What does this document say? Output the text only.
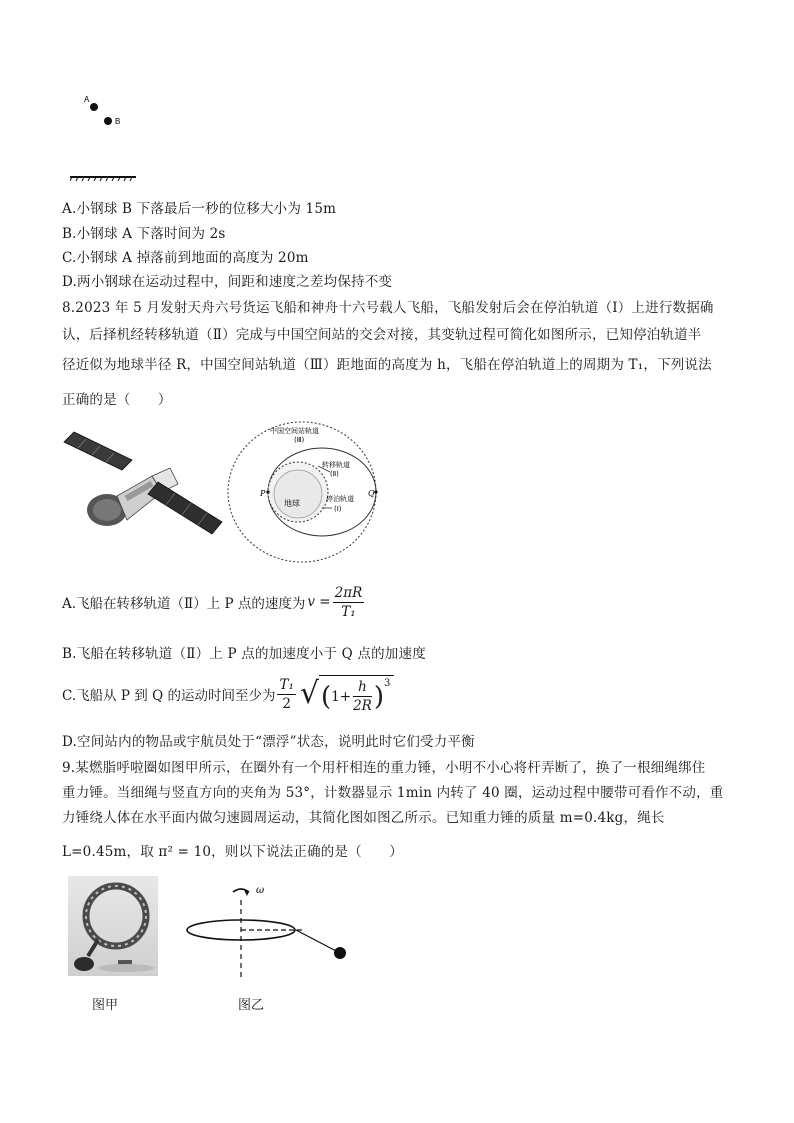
A
B
A.小钢球 B 下落最后一秒的位移大小为 15m
B.小钢球 A 下落时间为 2s
C.小钢球 A 掉落前到地面的高度为 20m
D.两小钢球在运动过程中，间距和速度之差均保持不变
8.2023 年 5 月发射天舟六号货运飞船和神舟十六号载人飞船，飞船发射后会在停泊轨道（Ⅰ）上进行数据确
认，后择机经转移轨道（Ⅱ）完成与中国空间站的交会对接，其变轨过程可简化如图所示，已知停泊轨道半
径近似为地球半径 R，中国空间站轨道（Ⅲ）距地面的高度为 h，飞船在停泊轨道上的周期为 T₁，下列说法
正确的是（　　）
地球
中国空间站轨道
(Ⅲ)
转移轨道
(Ⅱ)
停泊轨道
(Ⅰ)
P	Q
A.飞船在转移轨道（Ⅱ）上 P 点的速度为 $v = \frac{2\pi R}{\text{T₁}}$
B.飞船在转移轨道（Ⅱ）上 P 点的加速度小于 Q 点的加速度
C.飞船从 P 到 Q 的运动时间至少为 $\frac{\text{T₁}}{2}$ √ ( $1+ \frac{h}{2R} )^3$
D.空间站内的物品或宇航员处于“漂浮”状态，说明此时它们受力平衡
9.某燃脂呼啦圈如图甲所示，在圈外有一个用杆相连的重力锤，小明不小心将杆弄断了，换了一根细绳绑住
重力锤。当细绳与竖直方向的夹角为 53°，计数器显示 1min 内转了 40 圈，运动过程中腰带可看作不动，重
力锤绕人体在水平面内做匀速圆周运动，其简化图如图乙所示。已知重力锤的质量 m=0.4kg，绳长
L=0.45m，取 π² = 10，则以下说法正确的是（　　）
图甲
ω
图乙
